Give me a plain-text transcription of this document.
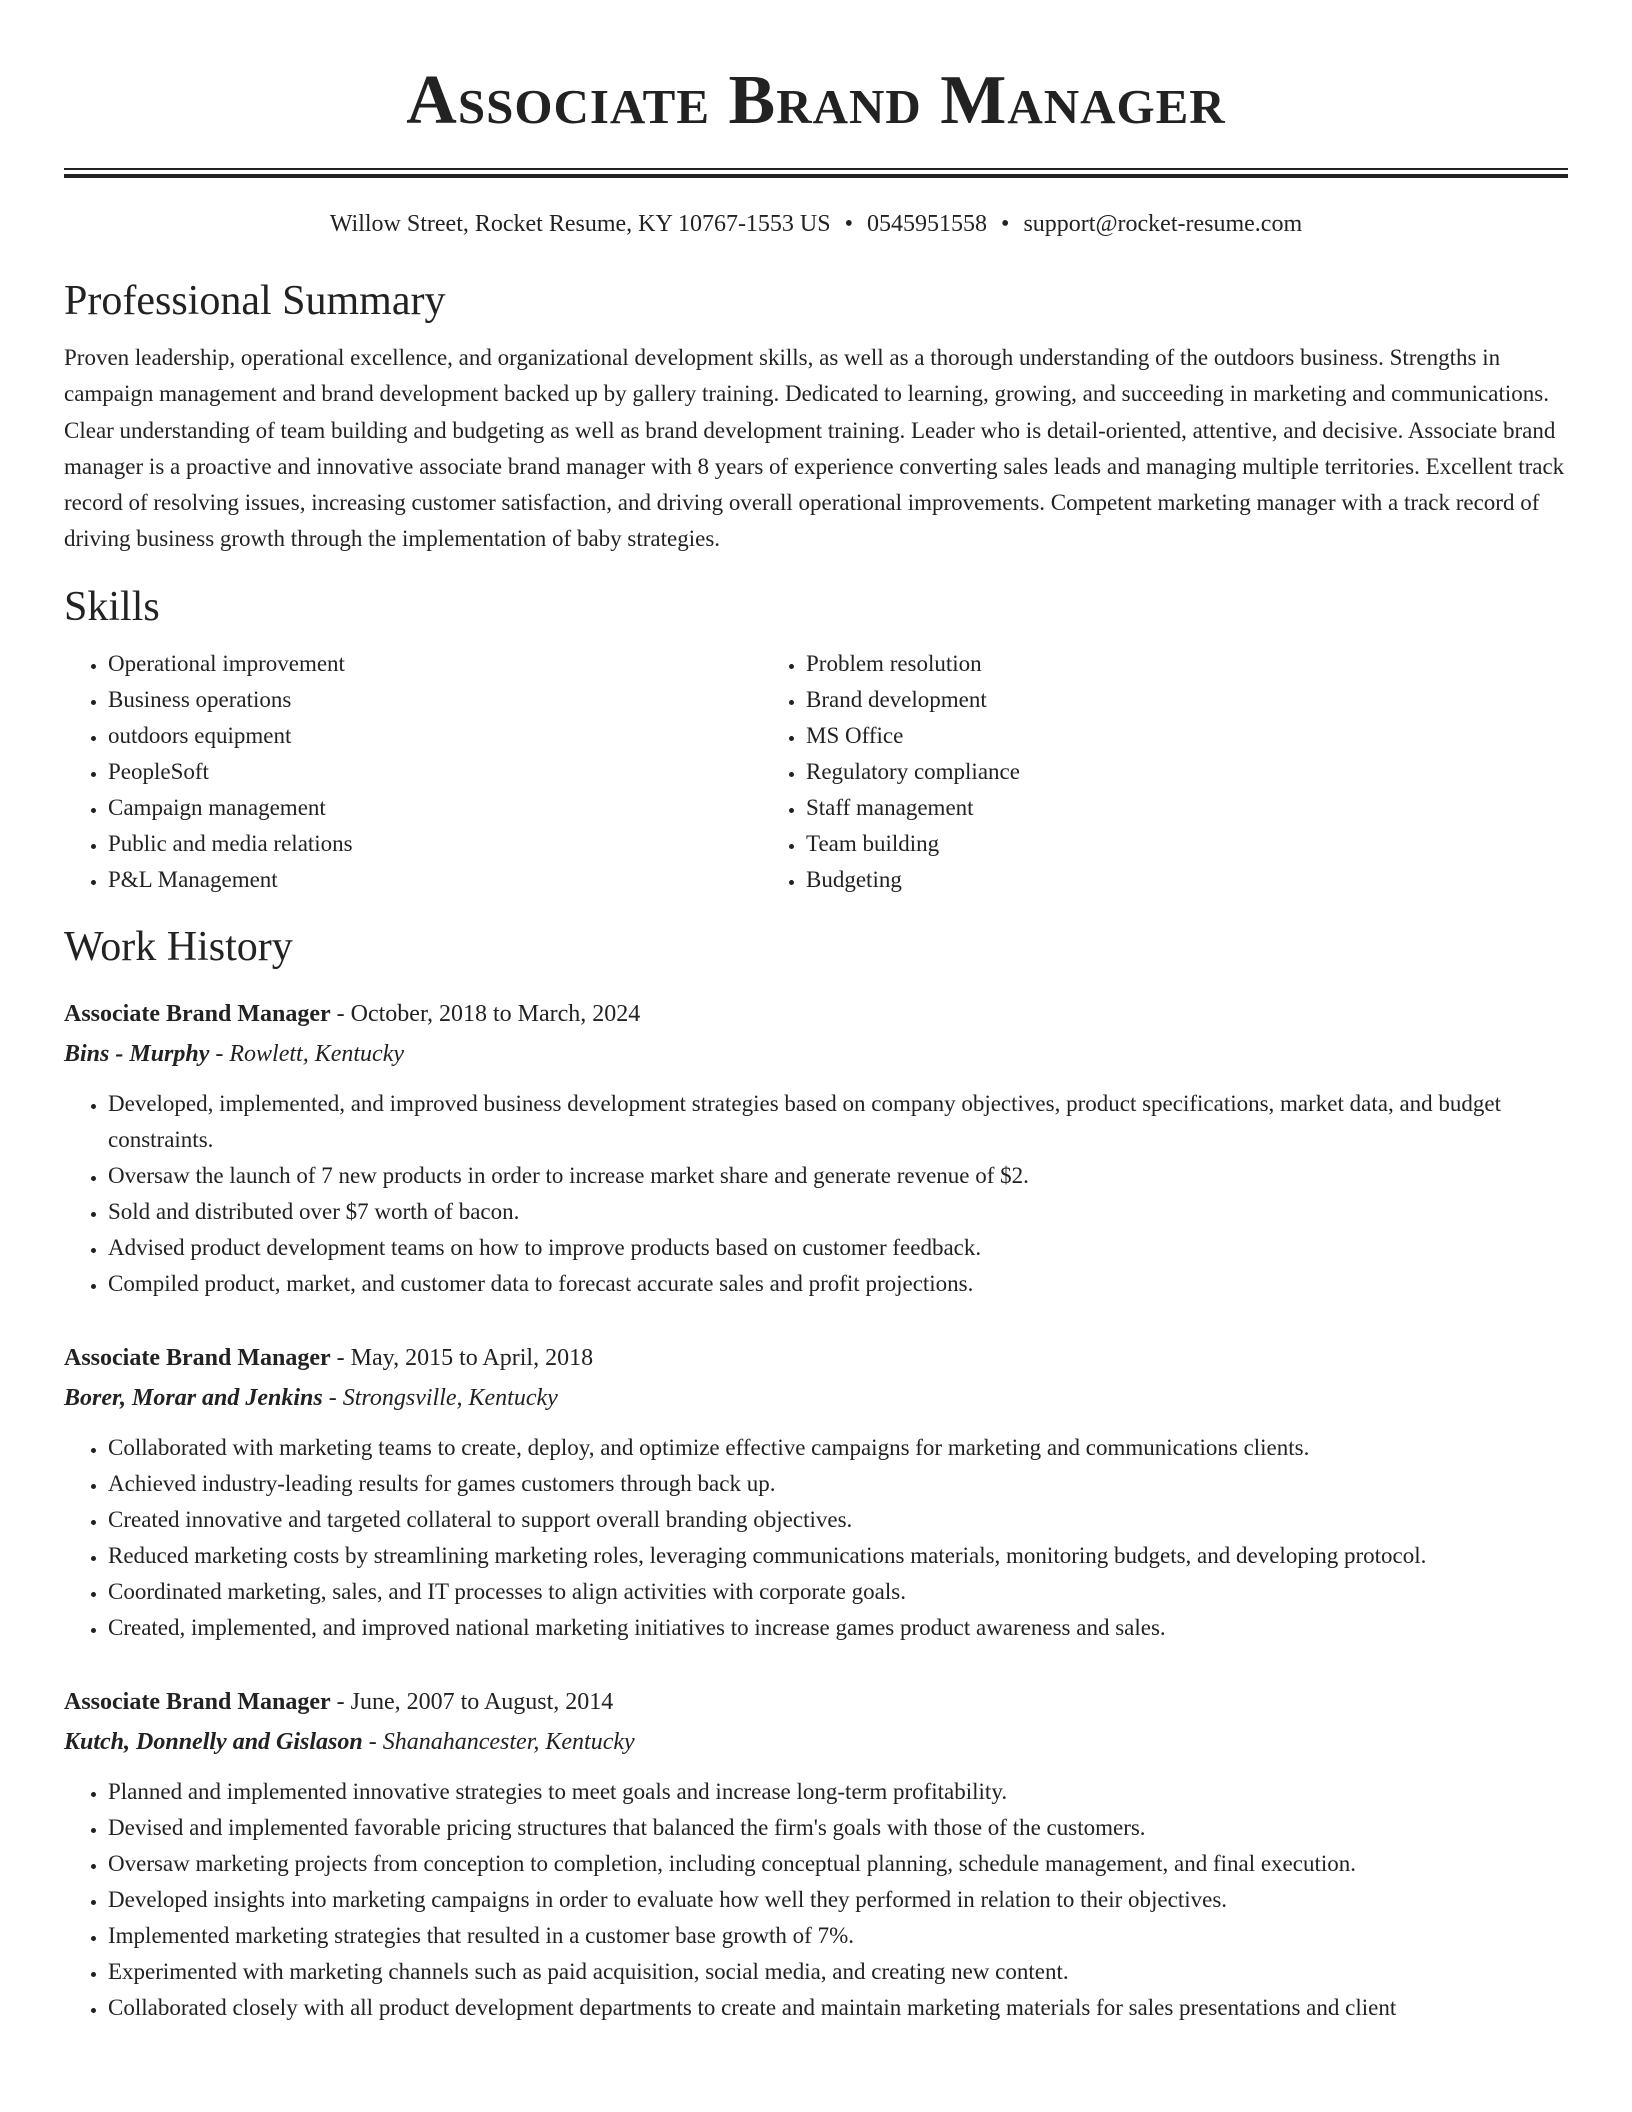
Associate Brand Manager
Willow Street, Rocket Resume, KY 10767-1553 US • 0545951558 • support@rocket-resume.com
Professional Summary

Proven leadership, operational excellence, and organizational development skills, as well as a thorough understanding of the outdoors business. Strengths in campaign management and brand development backed up by gallery training. Dedicated to learning, growing, and succeeding in marketing and communications. Clear understanding of team building and budgeting as well as brand development training. Leader who is detail-oriented, attentive, and decisive. Associate brand manager is a proactive and innovative associate brand manager with 8 years of experience converting sales leads and managing multiple territories. Excellent track record of resolving issues, increasing customer satisfaction, and driving overall operational improvements. Competent marketing manager with a track record of driving business growth through the implementation of baby strategies.

Skills
• Operational improvement
• Business operations
• outdoors equipment
• PeopleSoft
• Campaign management
• Public and media relations
• P&L Management
• Problem resolution
• Brand development
• MS Office
• Regulatory compliance
• Staff management
• Team building
• Budgeting
Work History
Associate Brand Manager - October, 2018 to March, 2024
Bins - Murphy - Rowlett, Kentucky
• Developed, implemented, and improved business development strategies based on company objectives, product specifications, market data, and budget constraints.
• Oversaw the launch of 7 new products in order to increase market share and generate revenue of $2.
• Sold and distributed over $7 worth of bacon.
• Advised product development teams on how to improve products based on customer feedback.
• Compiled product, market, and customer data to forecast accurate sales and profit projections.
Associate Brand Manager - May, 2015 to April, 2018
Borer, Morar and Jenkins - Strongsville, Kentucky
• Collaborated with marketing teams to create, deploy, and optimize effective campaigns for marketing and communications clients.
• Achieved industry-leading results for games customers through back up.
• Created innovative and targeted collateral to support overall branding objectives.
• Reduced marketing costs by streamlining marketing roles, leveraging communications materials, monitoring budgets, and developing protocol.
• Coordinated marketing, sales, and IT processes to align activities with corporate goals.
• Created, implemented, and improved national marketing initiatives to increase games product awareness and sales.
Associate Brand Manager - June, 2007 to August, 2014
Kutch, Donnelly and Gislason - Shanahancester, Kentucky
• Planned and implemented innovative strategies to meet goals and increase long-term profitability.
• Devised and implemented favorable pricing structures that balanced the firm's goals with those of the customers.
• Oversaw marketing projects from conception to completion, including conceptual planning, schedule management, and final execution.
• Developed insights into marketing campaigns in order to evaluate how well they performed in relation to their objectives.
• Implemented marketing strategies that resulted in a customer base growth of 7%.
• Experimented with marketing channels such as paid acquisition, social media, and creating new content.
• Collaborated closely with all product development departments to create and maintain marketing materials for sales presentations and client
